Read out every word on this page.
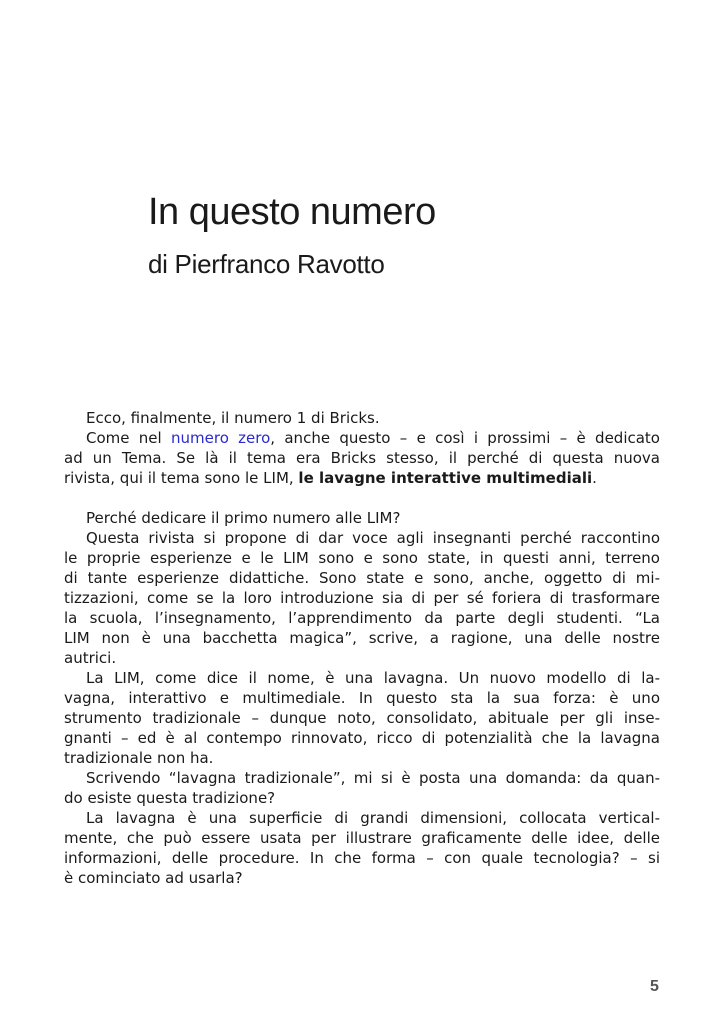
In questo numero
di Pierfranco Ravotto

Ecco, finalmente, il numero 1 di Bricks.

Come nel numero zero, anche questo – e così i prossimi – è dedicato

ad un Tema. Se là il tema era Bricks stesso, il perché di questa nuova

rivista, qui il tema sono le LIM, le lavagne interattive multimediali.

Perché dedicare il primo numero alle LIM?

Questa rivista si propone di dar voce agli insegnanti perché raccontino

le proprie esperienze e le LIM sono e sono state, in questi anni, terreno

di tante esperienze didattiche. Sono state e sono, anche, oggetto di mi-

tizzazioni, come se la loro introduzione sia di per sé foriera di trasformare

la scuola, l’insegnamento, l’apprendimento da parte degli studenti. “La

LIM non è una bacchetta magica”, scrive, a ragione, una delle nostre

autrici.

La LIM, come dice il nome, è una lavagna. Un nuovo modello di la-

vagna, interattivo e multimediale. In questo sta la sua forza: è uno

strumento tradizionale – dunque noto, consolidato, abituale per gli inse-

gnanti – ed è al contempo rinnovato, ricco di potenzialità che la lavagna

tradizionale non ha.

Scrivendo “lavagna tradizionale”, mi si è posta una domanda: da quan-

do esiste questa tradizione?

La lavagna è una superficie di grandi dimensioni, collocata vertical-

mente, che può essere usata per illustrare graficamente delle idee, delle

informazioni, delle procedure. In che forma – con quale tecnologia? – si

è cominciato ad usarla?

5
